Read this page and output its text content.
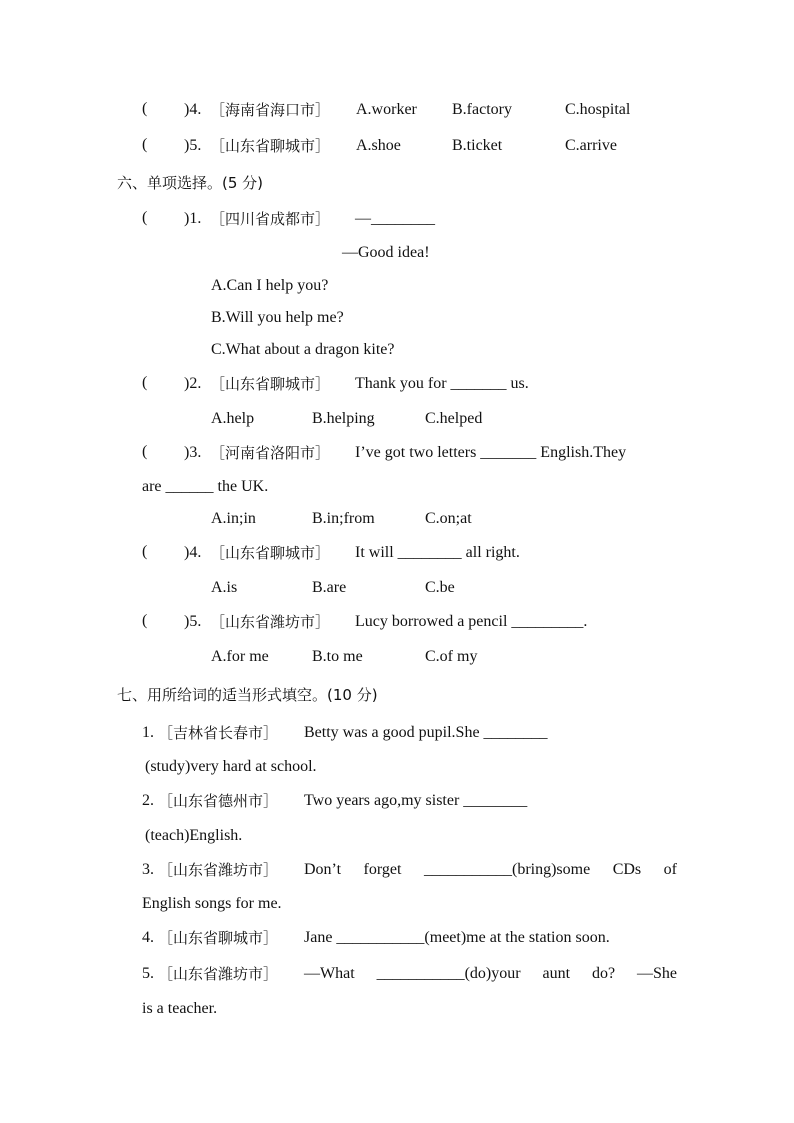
( )4. ［海南省海口市］ A.worker B.factory	C.hospital
( )5. ［山东省聊城市］ A.shoe	B.ticket	C.arrive
六、单项选择。(5 分)
( )1. ［四川省成都市］ —________
—Good idea!
A.Can I help you?
B.Will you help me?
C.What about a dragon kite?
( )2. ［山东省聊城市］ Thank you for _______ us.
A.help	B.helping	C.helped
( )3. ［河南省洛阳市］ I’ve got two letters _______ English.They
are ______ the UK.
A.in;in	B.in;from	C.on;at
( )4. ［山东省聊城市］ It will ________ all right.
A.is	B.are	C.be
( )5. ［山东省潍坊市］ Lucy borrowed a pencil _________.
A.for me	B.to me	C.of my
七、用所给词的适当形式填空。(10 分)
1. ［吉林省长春市］ Betty was a good pupil.She ________
(study)very hard at school.
2. ［山东省德州市］ Two years ago,my sister ________
(teach)English.
3. ［山东省潍坊市］ Don’t forget ___________(bring)some CDs of
English songs for me.
4. ［山东省聊城市］ Jane ___________(meet)me at the station soon.
5. ［山东省潍坊市］ —What ___________(do)your aunt do? —She
is a teacher.
